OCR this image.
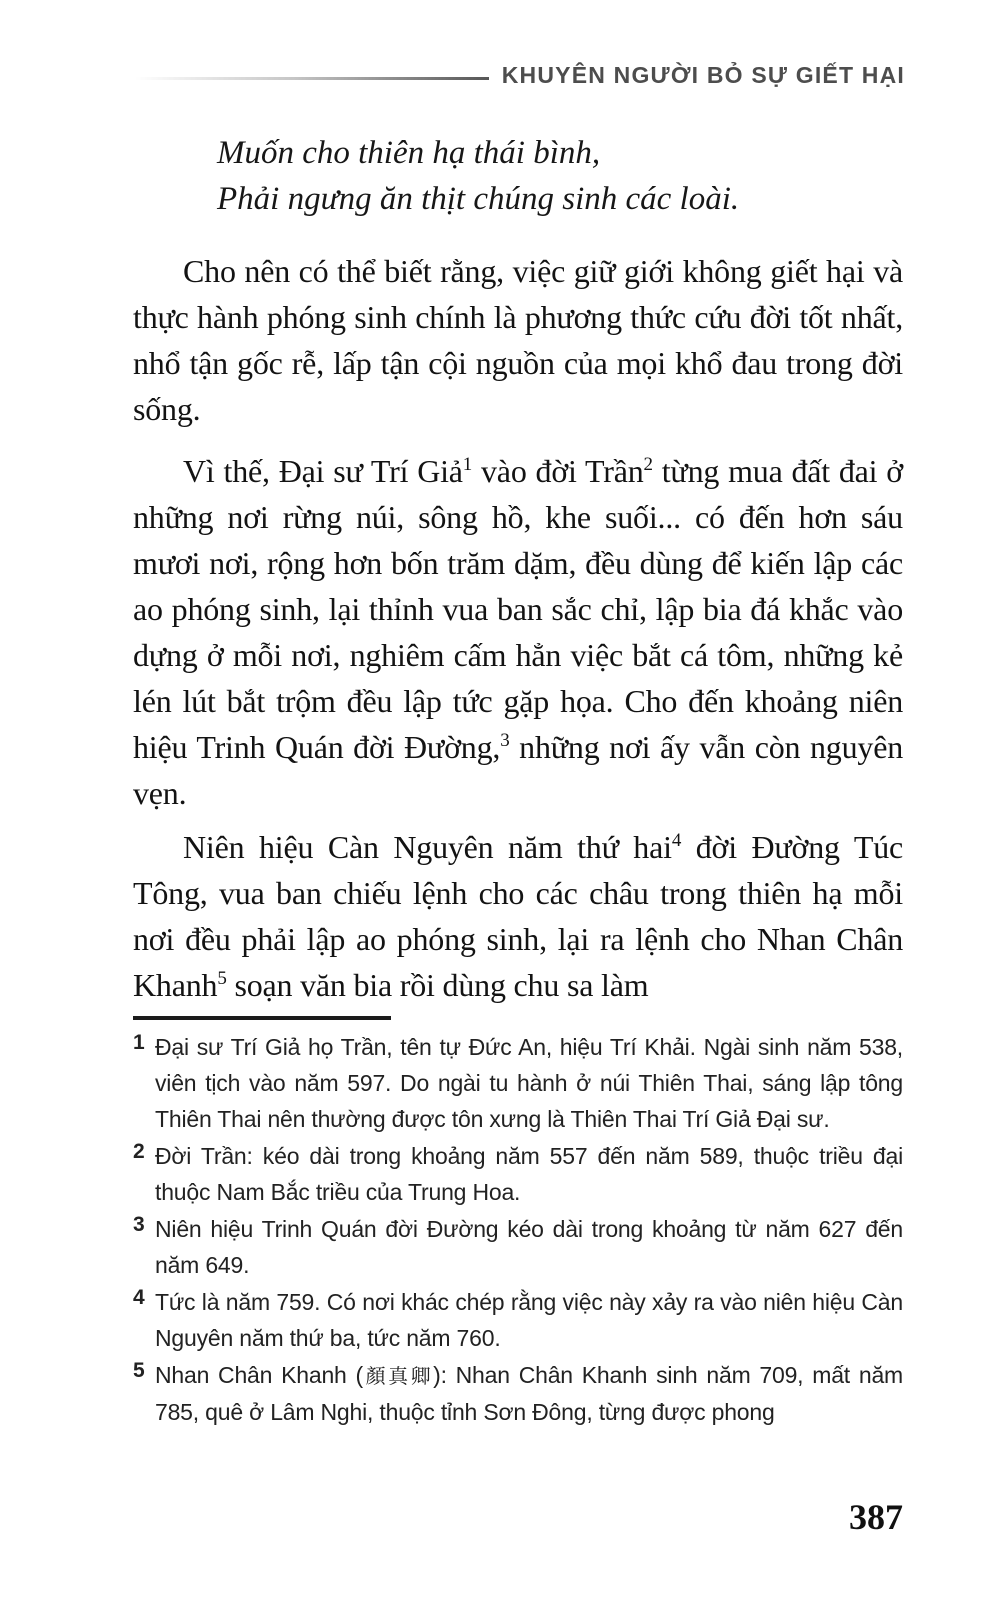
KHUYÊN NGƯỜI BỎ SỰ GIẾT HẠI
Muốn cho thiên hạ thái bình,
Phải ngưng ăn thịt chúng sinh các loài.

Cho nên có thể biết rằng, việc giữ giới không giết hại và thực hành phóng sinh chính là phương thức cứu đời tốt nhất, nhổ tận gốc rễ, lấp tận cội nguồn của mọi khổ đau trong đời sống.

Vì thế, Đại sư Trí Giả$^1$ vào đời Trần$^2$ từng mua đất đai ở những nơi rừng núi, sông hồ, khe suối... có đến hơn sáu mươi nơi, rộng hơn bốn trăm dặm, đều dùng để kiến lập các ao phóng sinh, lại thỉnh vua ban sắc chỉ, lập bia đá khắc vào dựng ở mỗi nơi, nghiêm cấm hẳn việc bắt cá tôm, những kẻ lén lút bắt trộm đều lập tức gặp họa. Cho đến khoảng niên hiệu Trinh Quán đời Đường,$^3$ những nơi ấy vẫn còn nguyên vẹn.

Niên hiệu Càn Nguyên năm thứ hai$^4$ đời Đường Túc Tông, vua ban chiếu lệnh cho các châu trong thiên hạ mỗi nơi đều phải lập ao phóng sinh, lại ra lệnh cho Nhan Chân Khanh$^5$ soạn văn bia rồi dùng chu sa làm

1 Đại sư Trí Giả họ Trần, tên tự Đức An, hiệu Trí Khải. Ngài sinh năm 538, viên tịch vào năm 597. Do ngài tu hành ở núi Thiên Thai, sáng lập tông Thiên Thai nên thường được tôn xưng là Thiên Thai Trí Giả Đại sư.
2 Đời Trần: kéo dài trong khoảng năm 557 đến năm 589, thuộc triều đại thuộc Nam Bắc triều của Trung Hoa.
3 Niên hiệu Trinh Quán đời Đường kéo dài trong khoảng từ năm 627 đến năm 649.
4 Tức là năm 759. Có nơi khác chép rằng việc này xảy ra vào niên hiệu Càn Nguyên năm thứ ba, tức năm 760.
5 Nhan Chân Khanh (顏真卿): Nhan Chân Khanh sinh năm 709, mất năm 785, quê ở Lâm Nghi, thuộc tỉnh Sơn Đông, từng được phong
387
